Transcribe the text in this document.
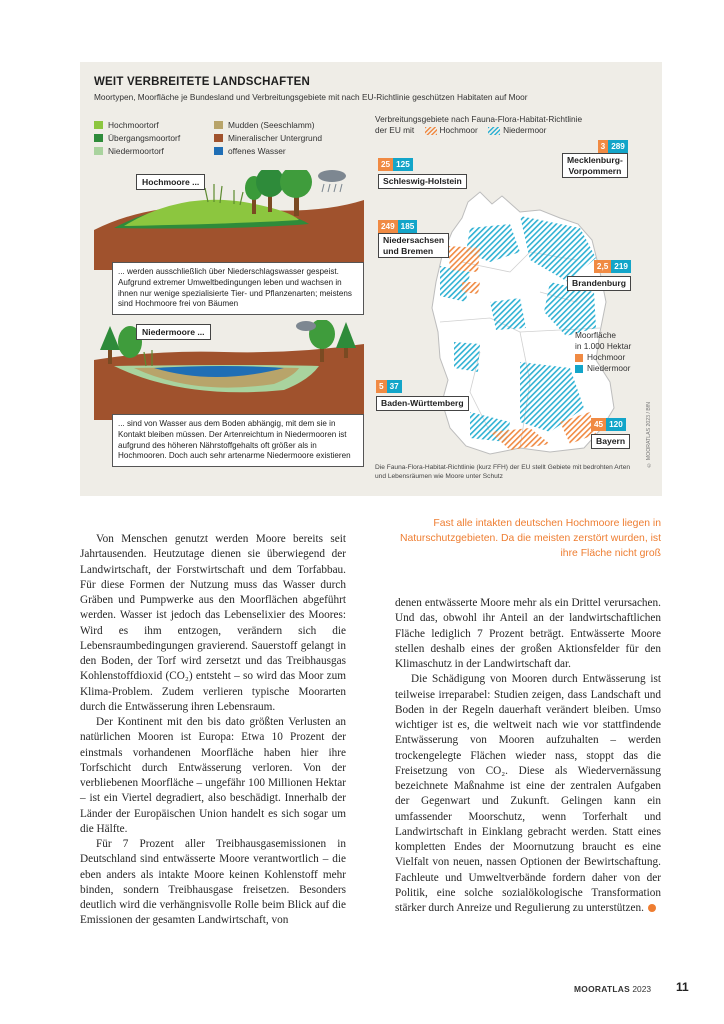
WEIT VERBREITETE LANDSCHAFTEN
Moortypen, Moorfläche je Bundesland und Verbreitungsgebiete mit nach EU-Richtlinie geschützen Habitaten auf Moor
Hochmoortorf
Übergangsmoortorf
Niedermoortorf
Mudden (Seeschlamm)
Mineralischer Untergrund
offenes Wasser
Hochmoore ...
... werden ausschließlich über Niederschlagswasser gespeist. Aufgrund extremer Umweltbedingungen leben und wachsen in ihnen nur wenige spezialisierte Tier- und Pflanzenarten; meistens sind Hochmoore frei von Bäumen
Niedermoore ...
... sind von Wasser aus dem Boden abhängig, mit dem sie in Kontakt bleiben müssen. Der Artenreichtum in Niedermooren ist aufgrund des höheren Nährstoffgehalts oft größer als in Hochmooren. Doch auch sehr artenarme Niedermoore existieren
Verbreitungsgebiete nach Fauna-Flora-Habitat-Richtlinie
der EU mit	Hochmoor	Niedermoor
25 125
Schleswig-Holstein
3 289
Mecklenburg-
Vorpommern
249 185
Niedersachsen
und Bremen
2,5 219
Brandenburg
5 37
Baden-Württemberg
45 120
Bayern
Moorfläche
in 1.000 Hektar
Hochmoor
Niedermoor
Die Fauna-Flora-Habitat-Richtlinie (kurz FFH) der EU stellt Gebiete mit bedrohten Arten und Lebensräumen wie Moore unter Schutz
© MOORATLAS 2023 / BfN
Fast alle intakten deutschen Hochmoore liegen in Naturschutzgebieten. Da die meisten zerstört wurden, ist ihre Fläche nicht groß

Von Menschen genutzt werden Moore bereits seit Jahrtausenden. Heutzutage dienen sie überwiegend der Landwirtschaft, der Forstwirtschaft und dem Torfabbau. Für diese Formen der Nutzung muss das Wasser durch Gräben und Pumpwerke aus den Moorflächen abgeführt werden. Wasser ist jedoch das Lebenselixier des Moores: Wird es ihm entzogen, verändern sich die Lebensraumbedingungen gravierend. Sauerstoff gelangt in den Boden, der Torf wird zersetzt und das Treibhausgas Kohlenstoffdioxid (CO₂) entsteht – so wird das Moor zum Klima-Problem. Zudem verlieren typische Moorarten durch die Entwässerung ihren Lebensraum.

Der Kontinent mit den bis dato größten Verlusten an natürlichen Mooren ist Europa: Etwa 10 Prozent der einstmals vorhandenen Moorfläche haben hier ihre Torfschicht durch Entwässerung verloren. Von der verbliebenen Moorfläche – ungefähr 100 Millionen Hektar – ist ein Viertel degradiert, also beschädigt. Innerhalb der Länder der Europäischen Union handelt es sich sogar um die Hälfte.

Für 7 Prozent aller Treibhausgasemissionen in Deutschland sind entwässerte Moore verantwortlich – die eben anders als intakte Moore keinen Kohlenstoff mehr binden, sondern Treibhausgase freisetzen. Besonders deutlich wird die verhängnisvolle Rolle beim Blick auf die Emissionen der gesamten Landwirtschaft, von

denen entwässerte Moore mehr als ein Drittel verursachen. Und das, obwohl ihr Anteil an der landwirtschaftlichen Fläche lediglich 7 Prozent beträgt. Entwässerte Moore stellen deshalb eines der großen Aktionsfelder für den Klimaschutz in der Landwirtschaft dar.

Die Schädigung von Mooren durch Entwässerung ist teilweise irreparabel: Studien zeigen, dass Landschaft und Boden in der Regeln dauerhaft verändert bleiben. Umso wichtiger ist es, die weltweit nach wie vor stattfindende Entwässerung von Mooren aufzuhalten – werden trockengelegte Flächen wieder nass, stoppt das die Freisetzung von CO₂. Diese als Wiedervernässung bezeichnete Maßnahme ist eine der zentralen Aufgaben der Gegenwart und Zukunft. Gelingen kann ein umfassender Moorschutz, wenn Torferhalt und Landwirtschaft in Einklang gebracht werden. Statt eines kompletten Endes der Moornutzung braucht es eine Vielfalt von neuen, nassen Optionen der Bewirtschaftung. Fachleute und Umweltverbände fordern daher von der Politik, eine solche sozialökologische Transformation stärker durch Anreize und Regulierung zu unterstützen.

MOORATLAS 2023 11
